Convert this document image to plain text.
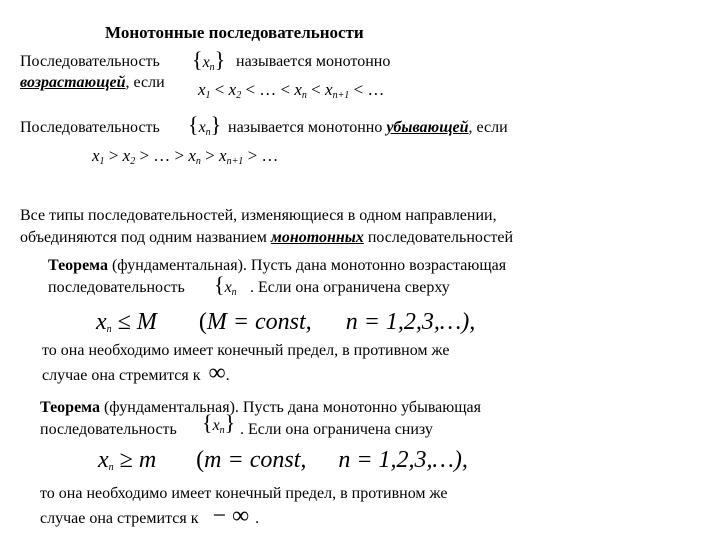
Монотонные последовательности
Последовательность $\{x_n\}$ называется монотонно
возрастающей, если $x_1 < x_2$ < … < $x_n < x_{n+1}$ < …
Последовательность $\{x_n\}$ называется монотонно убывающей, если
$x_1 > x_2$ > … > $x_n > x_{n+1}$ > …
Все типы последовательностей, изменяющиеся в одном направлении,
объединяются под одним названием монотонных последовательностей
Теорема (фундаментальная). Пусть дана монотонно возрастающая
последовательность {$x_n$ . Если она ограничена сверху
$x_n \le M$ (M = const, n = 1,2,3,…),
то она необходимо имеет конечный предел, в противном же
случае она стремится к ∞.
Теорема (фундаментальная). Пусть дана монотонно убывающая
последовательность $\{x_n\}$ . Если она ограничена снизу
$x_n \ge m$ (m = const, n = 1,2,3,…),
то она необходимо имеет конечный предел, в противном же
случае она стремится к − ∞ .
